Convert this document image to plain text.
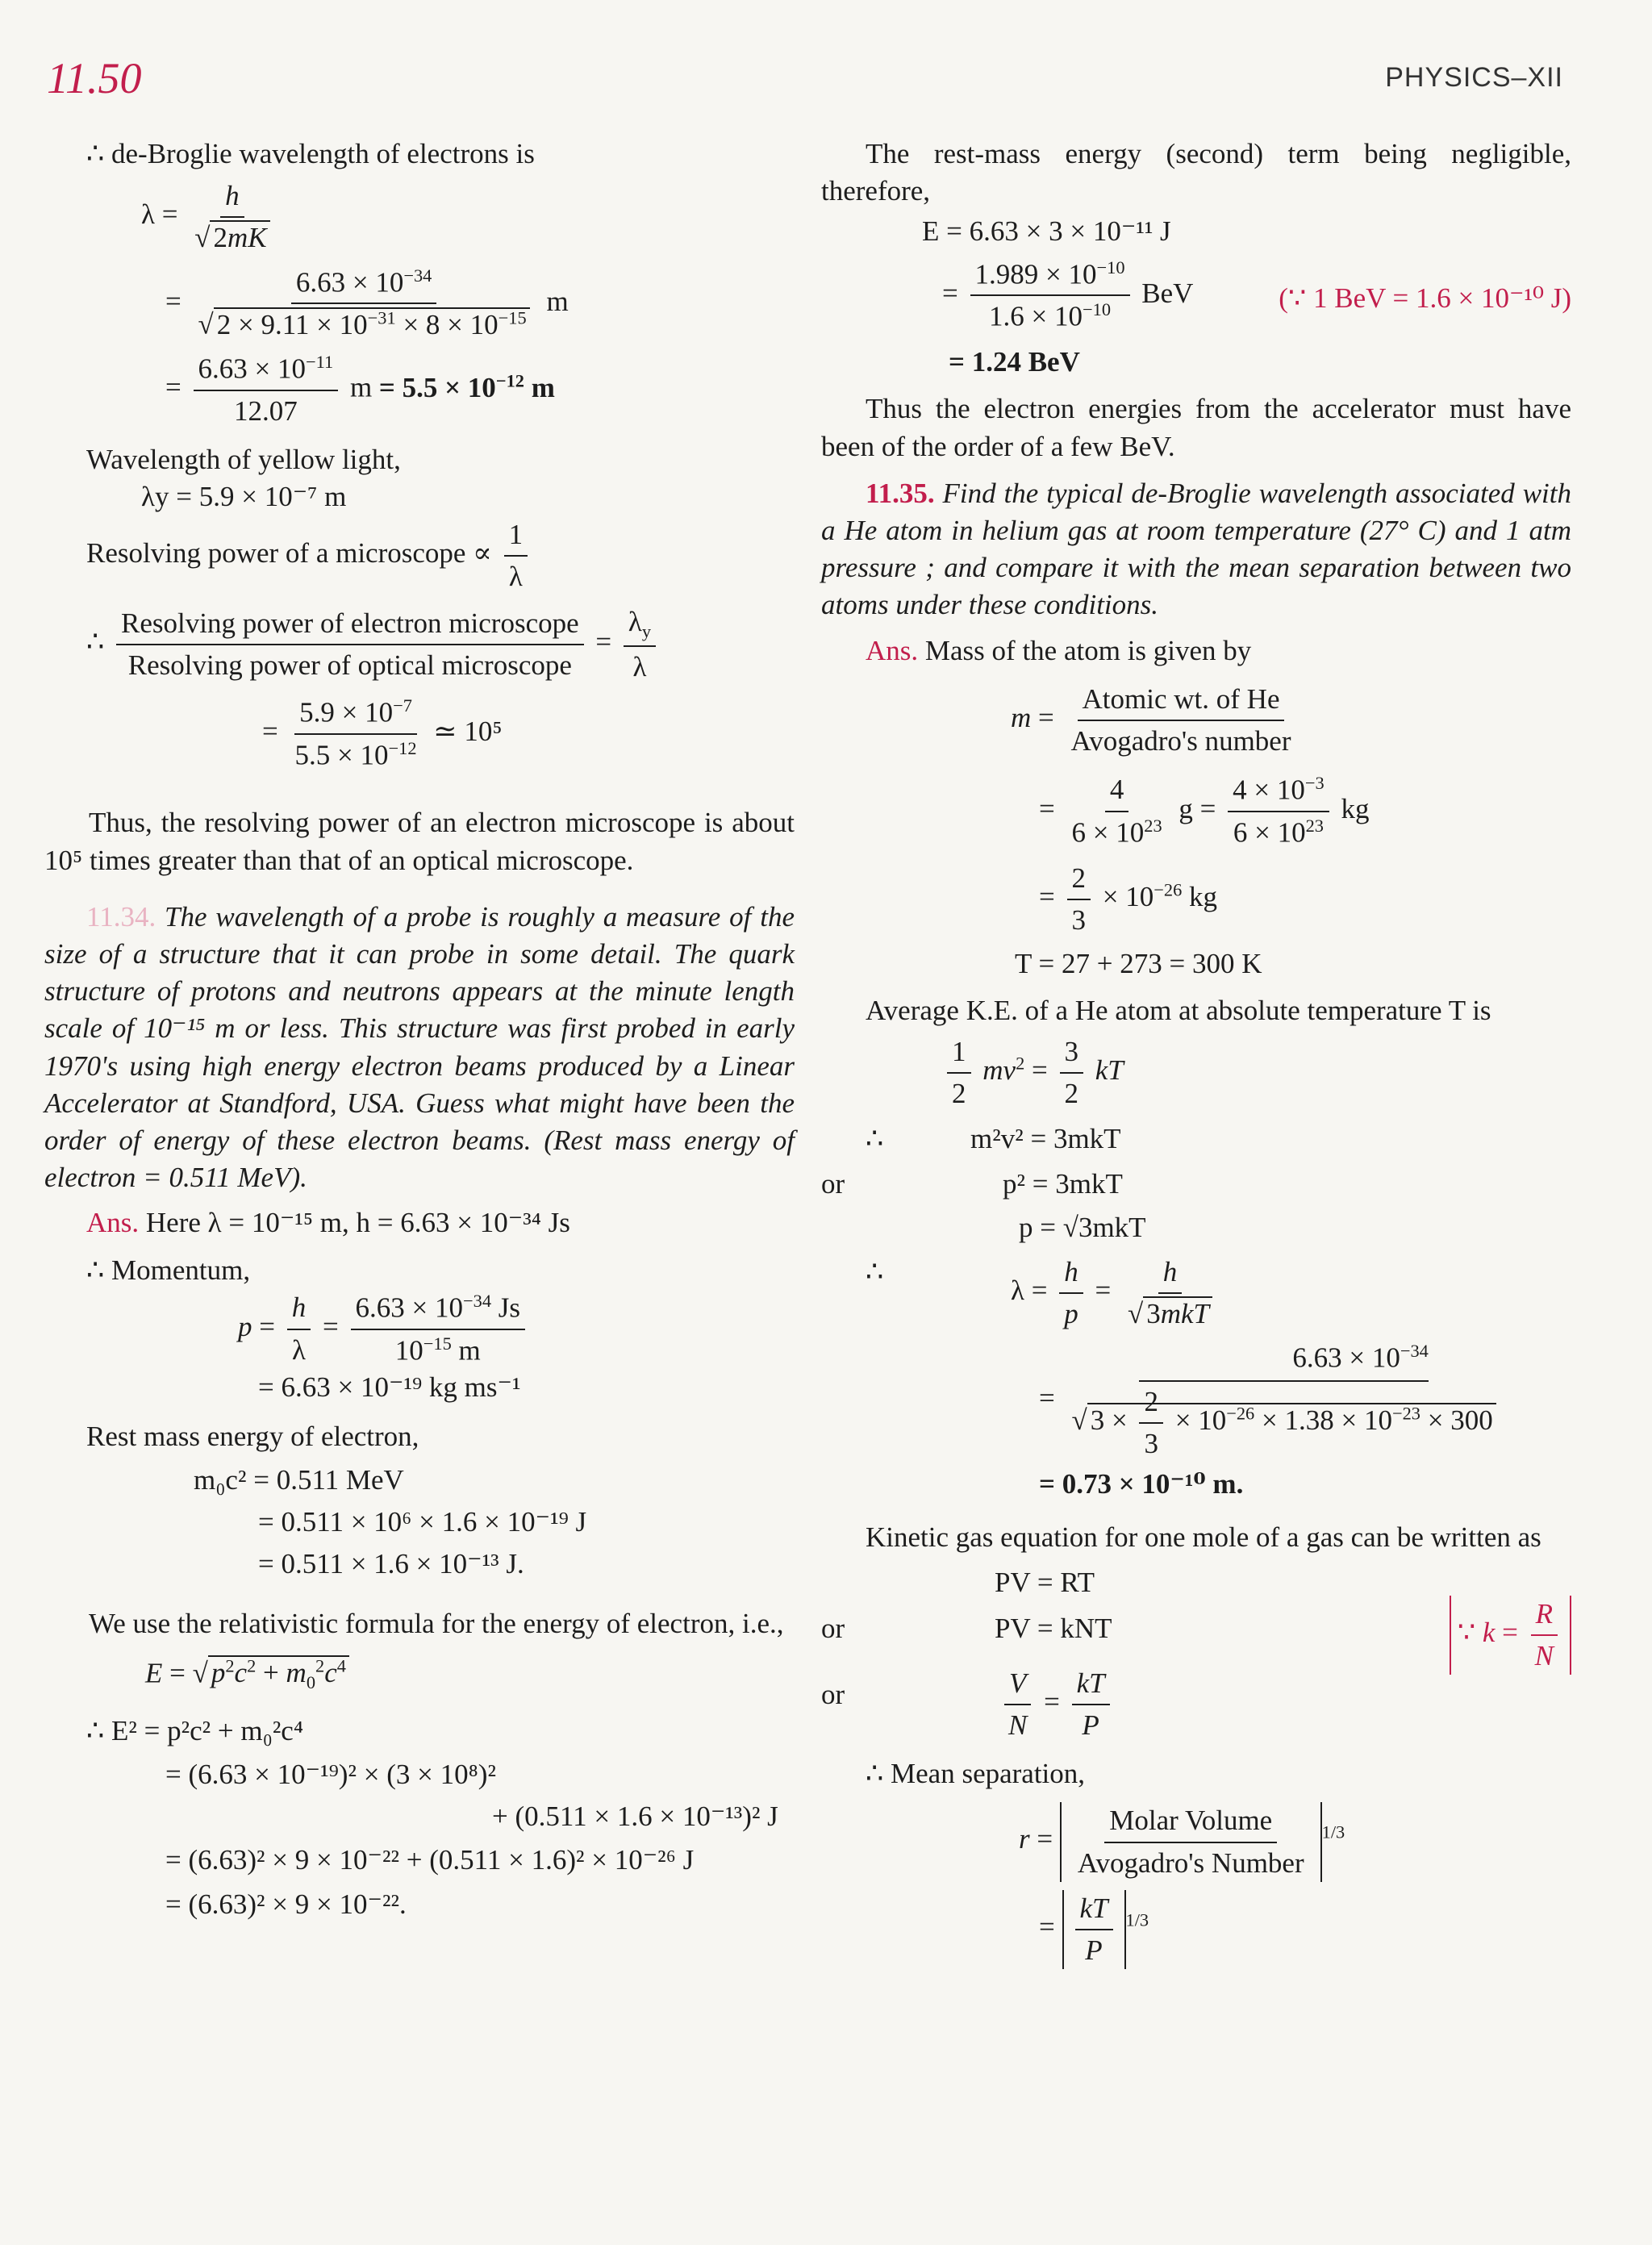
11.50	PHYSICS–XII

∴ de-Broglie wavelength of electrons is

$\lambda = \frac{h}{√ 2mK}$
= $\frac{6.63 \times 10^{-34}}{√ 2 \times 9.11 \times 10^{-31} \times 8 \times 10^{-15}}$ m
= $\frac{6.63 \times 10^{-11}}{12.07}$ $m = 5.5 \times 10^{-12}$ m

Wavelength of yellow light,

λy = 5.9 × 10⁻⁷ m
Resolving power of a microscope ∝ $\frac{1}{\lambda}$
∴
Resolving power of electron microscope
Resolving power of optical microscope
= $\frac{\lambda_y}{\lambda}$
= $\frac{5.9 \times 10^{-7}}{5.5 \times 10^{-12}}$ ≃ 10⁵

Thus, the resolving power of an electron microscope is about 10⁵ times greater than that of an optical microscope.

11.34. The wavelength of a probe is roughly a measure of the size of a structure that it can probe in some detail. The quark structure of protons and neutrons appears at the minute length scale of 10⁻¹⁵ m or less. This structure was first probed in early 1970's using high energy electron beams produced by a Linear Accelerator at Standford, USA. Guess what might have been the order of energy of these electron beams. (Rest mass energy of electron = 0.511 MeV).

Ans. Here λ = 10⁻¹⁵ m, h = 6.63 × 10⁻³⁴ Js

∴ Momentum,

$p = \frac{h}{\lambda} = \frac{6.63 \times 10^{-34} Js}{10^{-15} m}$
= 6.63 × 10⁻¹⁹ kg ms⁻¹

Rest mass energy of electron,

m₀c² = 0.511 MeV
= 0.511 × 10⁶ × 1.6 × 10⁻¹⁹ J
= 0.511 × 1.6 × 10⁻¹³ J.

We use the relativistic formula for the energy of electron, i.e.,

E = √ $p^2c^2 + m_0^2c^4$
∴ E² = p²c² + m₀²c⁴
= (6.63 × 10⁻¹⁹)² × (3 × 10⁸)²
+ (0.511 × 1.6 × 10⁻¹³)² J
= (6.63)² × 9 × 10⁻²² + (0.511 × 1.6)² × 10⁻²⁶ J
= (6.63)² × 9 × 10⁻²².

The rest-mass energy (second) term being negligible, therefore,

E = 6.63 × 3 × 10⁻¹¹ J
= $\frac{1.989 \times 10^{-10}}{1.6 \times 10^{-10}}$ BeV	(∵ 1 BeV = 1.6 × 10⁻¹⁰ J)
= 1.24 BeV

Thus the electron energies from the accelerator must have been of the order of a few BeV.

11.35. Find the typical de-Broglie wavelength associated with a He atom in helium gas at room temperature (27° C) and 1 atm pressure ; and compare it with the mean separation between two atoms under these conditions.

Ans. Mass of the atom is given by

m =
Atomic wt. of He
Avogadro's number
= $\frac{4}{6 \times 10^{23}}$ $g = \frac{4 \times 10^{-3}}{6 \times 10^{23}}$ kg
= $\frac{2}{3} \times 10^{-26}$ kg
T = 27 + 273 = 300 K

Average K.E. of a He atom at absolute temperature T is

$\frac{1}{2} mv^2 = \frac{3}{2}$ kT
∴	m²v² = 3mkT
or	p² = 3mkT
p = √3mkT
∴
$\lambda = \frac{h}{p}$ =
h
√ 3mkT
= $\frac{6.63 \times 10^{-34}}{√ 3 \times \frac{2}{3} \times 10^{-26} \times 1.38 \times 10^{-23} \times 300}$
= 0.73 × 10⁻¹⁰ m.

Kinetic gas equation for one mole of a gas can be written as

PV = RT
or	PV = kNT	∵ $k = \frac{R}{N}$
or	$\frac{V}{N} = \frac{kT}{P}$

∴ Mean separation,

r =
Molar Volume
Avogadro's Number
$^{1/3}$
= $\frac{kT}{P} ^{1/3}$
